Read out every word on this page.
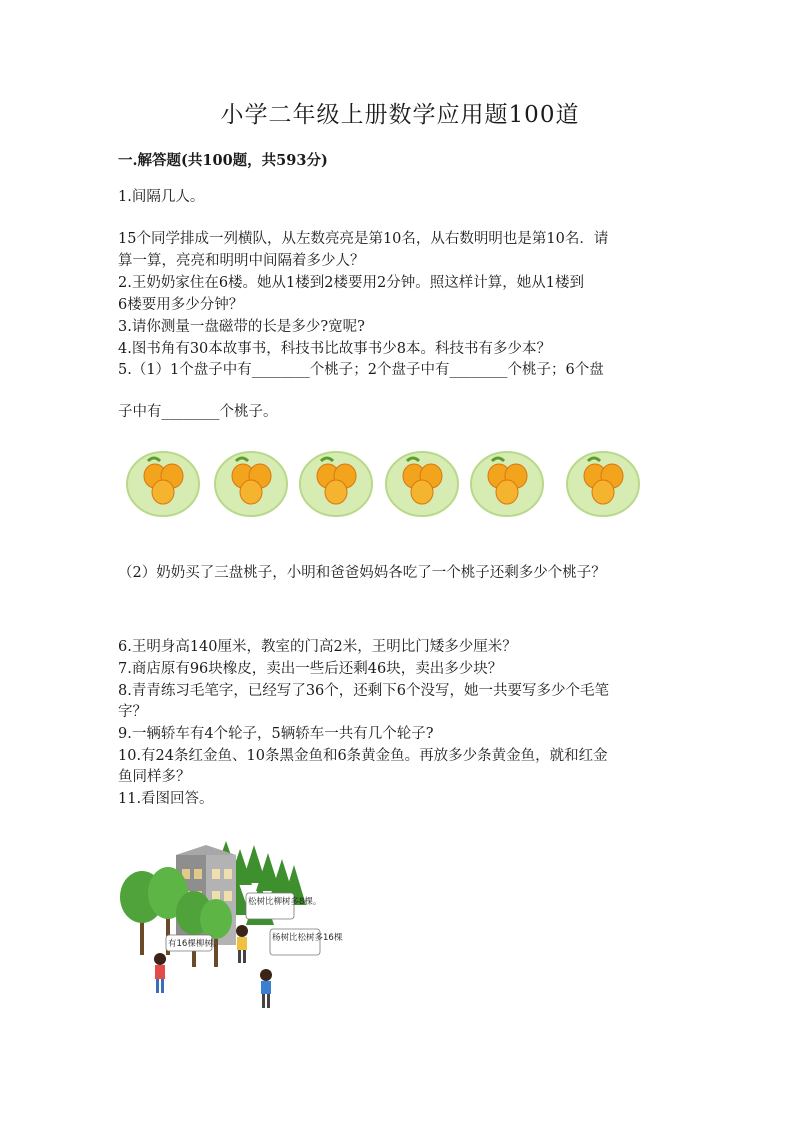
小学二年级上册数学应用题100道
一.解答题(共100题，共593分)
1.间隔几人。
15个同学排成一列横队，从左数亮亮是第10名，从右数明明也是第10名．请
算一算，亮亮和明明中间隔着多少人？
2.王奶奶家住在6楼。她从1楼到2楼要用2分钟。照这样计算，她从1楼到
6楼要用多少分钟？
3.请你测量一盘磁带的长是多少?宽呢?
4.图书角有30本故事书，科技书比故事书少8本。科技书有多少本？
5.（1）1个盘子中有________个桃子；2个盘子中有________个桃子；6个盘
子中有________个桃子。
（2）奶奶买了三盘桃子，小明和爸爸妈妈各吃了一个桃子还剩多少个桃子？
6.王明身高140厘米，教室的门高2米，王明比门矮多少厘米？
7.商店原有96块橡皮，卖出一些后还剩46块，卖出多少块？
8.青青练习毛笔字，已经写了36个，还剩下6个没写，她一共要写多少个毛笔
字？
9.一辆轿车有4个轮子，5辆轿车一共有几个轮子?
10.有24条红金鱼、10条黑金鱼和6条黄金鱼。再放多少条黄金鱼，就和红金
鱼同样多？
11.看图回答。
松树比柳树多8棵。
有16棵柳树。
杨树比松树多16棵。
